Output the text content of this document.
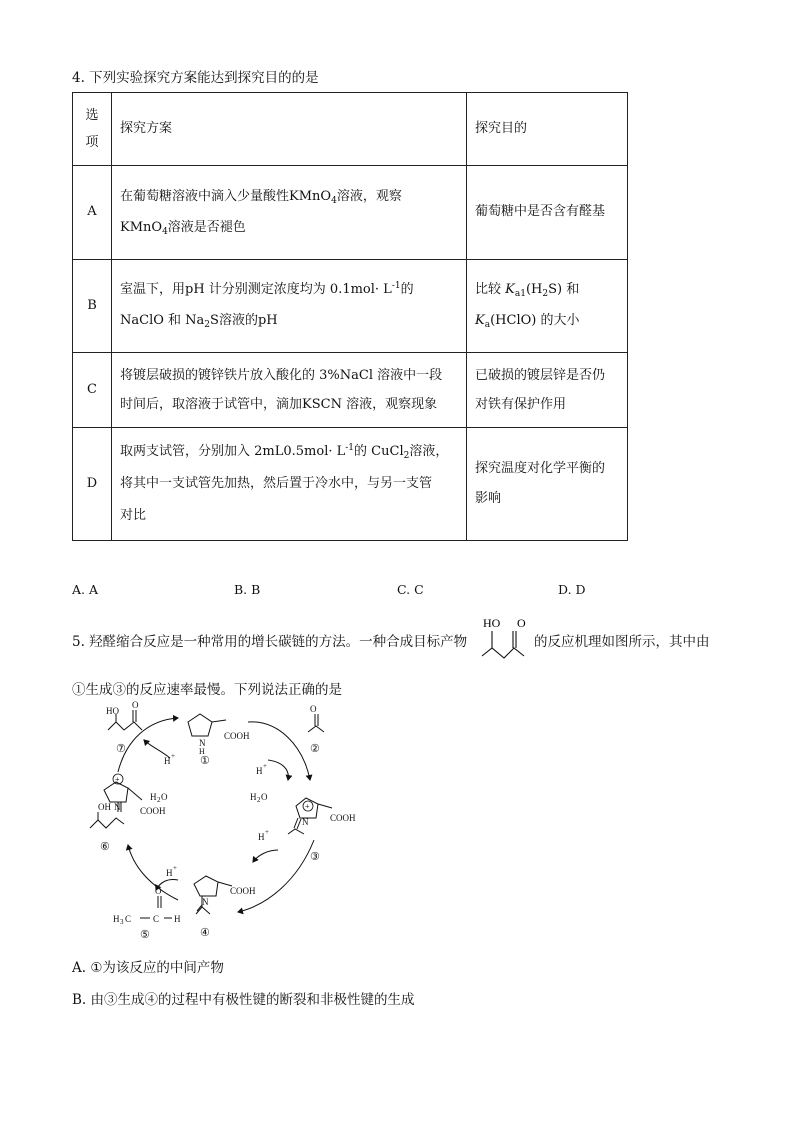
4. 下列实验探究方案能达到探究目的的是
选
项	探究方案	探究目的
A	在葡萄糖溶液中滴入少量酸性KMnO$_4$溶液，观察
KMnO$_4$溶液是否褪色	葡萄糖中是否含有醛基
B	室温下，用pH 计分别测定浓度均为 $0.1mol\cdot L^{-1}$的
NaClO 和 $Na_2S$溶液的pH	比较 $K_{a1}(H_2S)$ 和
$K_a(HClO)$ 的大小
C	将镀层破损的镀锌铁片放入酸化的 3%NaCl 溶液中一段
时间后，取溶液于试管中，滴加KSCN 溶液，观察现象	已破损的镀层锌是否仍
对铁有保护作用
D	取两支试管，分别加入 $2mL0.5mol\cdot L^{-1}$的 CuCl$_2$溶液，
将其中一支试管先加热，然后置于冷水中，与另一支管
对比	探究温度对化学平衡的
影响
A. A	B. B	C. C	D. D
5. 羟醛缩合反应是一种常用的增长碳链的方法。一种合成目标产物
HO O
的反应机理如图所示，其中由
①生成③的反应速率最慢。下列说法正确的是
N
H
COOH
①
O
②
N COOH
③
N
COOH
④
H 3 C C H
O
⑤
N COOH
OH
⑥
HO
O
⑦
H +
H +
H +
H +
H 2 O	H 2 O
+
+
A. ①为该反应的中间产物
B. 由③生成④的过程中有极性键的断裂和非极性键的生成
